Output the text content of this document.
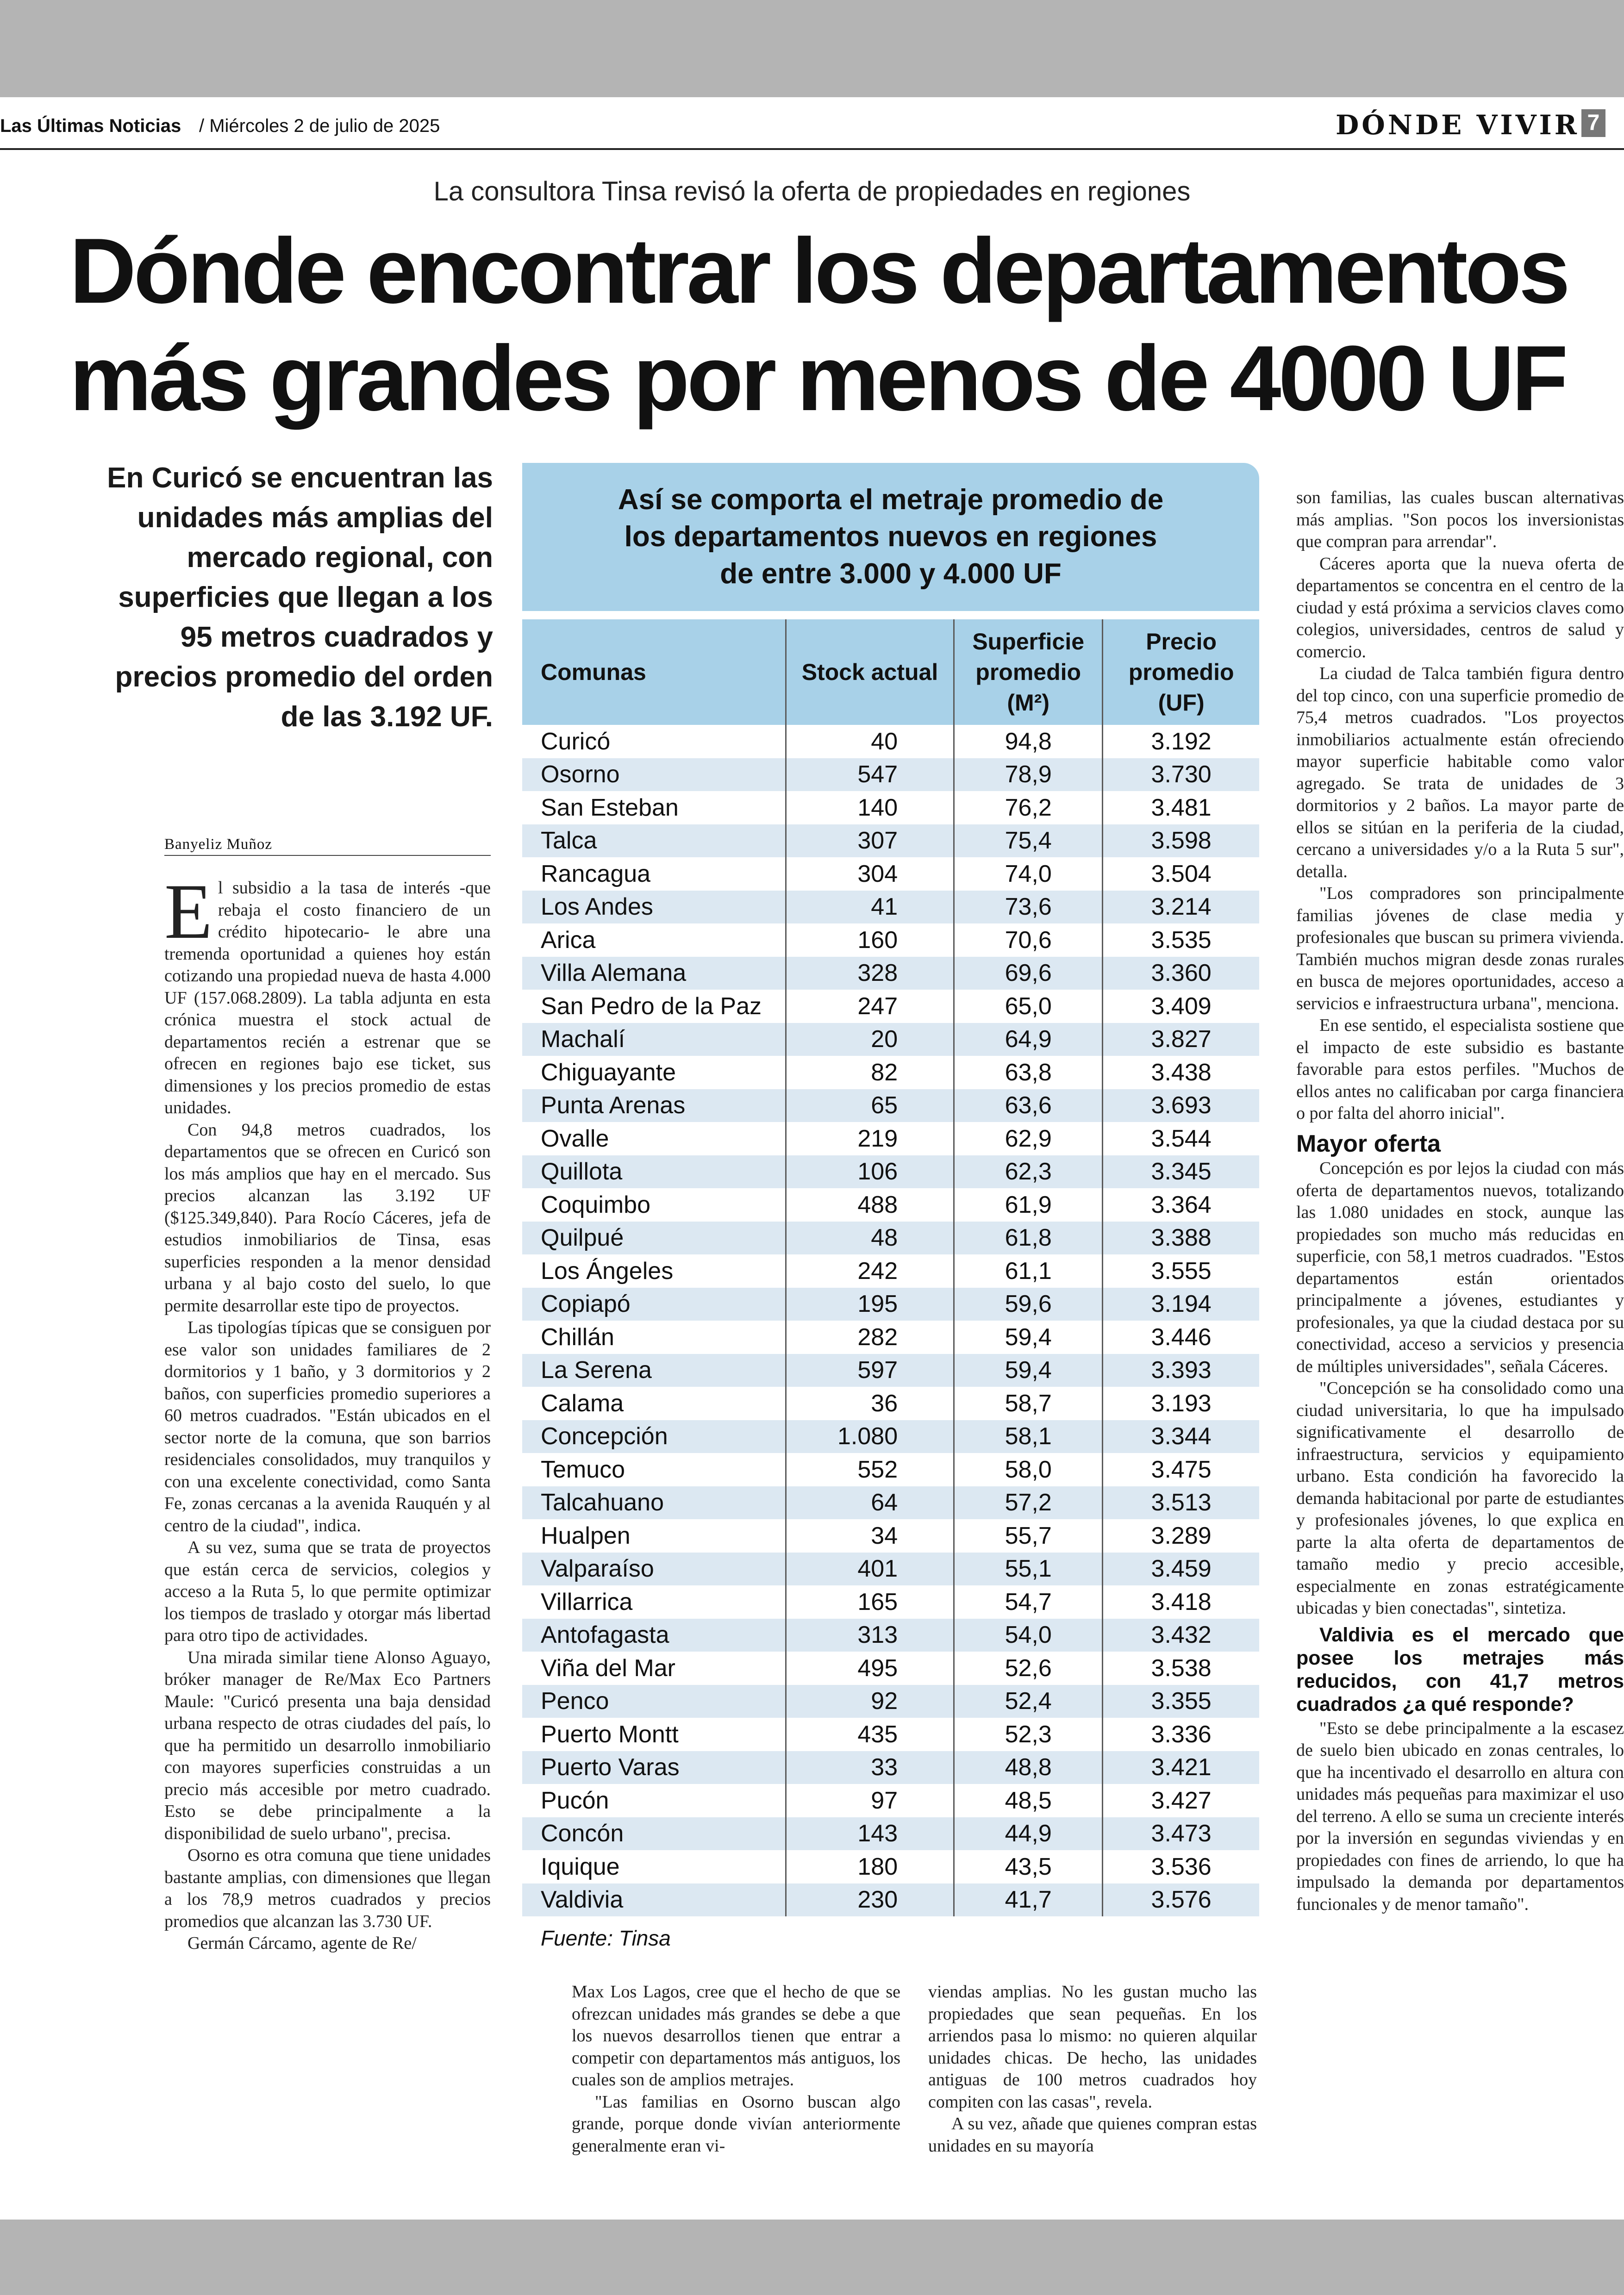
Las Últimas Noticias / Miércoles 2 de julio de 2025	DÓNDE VIVIR 7
La consultora Tinsa revisó la oferta de propiedades en regiones
Dónde encontrar los departamentos
más grandes por menos de 4000 UF
En Curicó se encuentran las unidades más amplias del mercado regional, con superficies que llegan a los 95 metros cuadrados y precios promedio del orden de las 3.192 UF.
Banyeliz Muñoz

El subsidio a la tasa de interés -que rebaja el costo financiero de un crédito hipotecario- le abre una tremenda oportunidad a quienes hoy están cotizando una propiedad nueva de hasta 4.000 UF (157.068.2809). La tabla adjunta en esta crónica muestra el stock actual de departamentos recién a estrenar que se ofrecen en regiones bajo ese ticket, sus dimensiones y los precios promedio de estas unidades.

Con 94,8 metros cuadrados, los departamentos que se ofrecen en Curicó son los más amplios que hay en el mercado. Sus precios alcanzan las 3.192 UF ($125.349,840). Para Rocío Cáceres, jefa de estudios inmobiliarios de Tinsa, esas superficies responden a la menor densidad urbana y al bajo costo del suelo, lo que permite desarrollar este tipo de proyectos.

Las tipologías típicas que se consiguen por ese valor son unidades familiares de 2 dormitorios y 1 baño, y 3 dormitorios y 2 baños, con superficies promedio superiores a 60 metros cuadrados. "Están ubicados en el sector norte de la comuna, que son barrios residenciales consolidados, muy tranquilos y con una excelente conectividad, como Santa Fe, zonas cercanas a la avenida Rauquén y al centro de la ciudad", indica.

A su vez, suma que se trata de proyectos que están cerca de servicios, colegios y acceso a la Ruta 5, lo que permite optimizar los tiempos de traslado y otorgar más libertad para otro tipo de actividades.

Una mirada similar tiene Alonso Aguayo, bróker manager de Re/Max Eco Partners Maule: "Curicó presenta una baja densidad urbana respecto de otras ciudades del país, lo que ha permitido un desarrollo inmobiliario con mayores superficies construidas a un precio más accesible por metro cuadrado. Esto se debe principalmente a la disponibilidad de suelo urbano", precisa.

Osorno es otra comuna que tiene unidades bastante amplias, con dimensiones que llegan a los 78,9 metros cuadrados y precios promedios que alcanzan las 3.730 UF.

Germán Cárcamo, agente de Re/

Así se comporta el metraje promedio de
los departamentos nuevos en regiones
de entre 3.000 y 4.000 UF
Comunas	Stock actual	Superficie promedio (M²)	Precio promedio (UF)
Curicó	40	94,8	3.192
Osorno	547	78,9	3.730
San Esteban	140	76,2	3.481
Talca	307	75,4	3.598
Rancagua	304	74,0	3.504
Los Andes	41	73,6	3.214
Arica	160	70,6	3.535
Villa Alemana	328	69,6	3.360
San Pedro de la Paz	247	65,0	3.409
Machalí	20	64,9	3.827
Chiguayante	82	63,8	3.438
Punta Arenas	65	63,6	3.693
Ovalle	219	62,9	3.544
Quillota	106	62,3	3.345
Coquimbo	488	61,9	3.364
Quilpué	48	61,8	3.388
Los Ángeles	242	61,1	3.555
Copiapó	195	59,6	3.194
Chillán	282	59,4	3.446
La Serena	597	59,4	3.393
Calama	36	58,7	3.193
Concepción	1.080	58,1	3.344
Temuco	552	58,0	3.475
Talcahuano	64	57,2	3.513
Hualpen	34	55,7	3.289
Valparaíso	401	55,1	3.459
Villarrica	165	54,7	3.418
Antofagasta	313	54,0	3.432
Viña del Mar	495	52,6	3.538
Penco	92	52,4	3.355
Puerto Montt	435	52,3	3.336
Puerto Varas	33	48,8	3.421
Pucón	97	48,5	3.427
Concón	143	44,9	3.473
Iquique	180	43,5	3.536
Valdivia	230	41,7	3.576
Fuente: Tinsa

Max Los Lagos, cree que el hecho de que se ofrezcan unidades más grandes se debe a que los nuevos desarrollos tienen que entrar a competir con departamentos más antiguos, los cuales son de amplios metrajes.

"Las familias en Osorno buscan algo grande, porque donde vivían anteriormente generalmente eran vi-

viendas amplias. No les gustan mucho las propiedades que sean pequeñas. En los arriendos pasa lo mismo: no quieren alquilar unidades chicas. De hecho, las unidades antiguas de 100 metros cuadrados hoy compiten con las casas", revela.

A su vez, añade que quienes compran estas unidades en su mayoría

son familias, las cuales buscan alternativas más amplias. "Son pocos los inversionistas que compran para arrendar".

Cáceres aporta que la nueva oferta de departamentos se concentra en el centro de la ciudad y está próxima a servicios claves como colegios, universidades, centros de salud y comercio.

La ciudad de Talca también figura dentro del top cinco, con una superficie promedio de 75,4 metros cuadrados. "Los proyectos inmobiliarios actualmente están ofreciendo mayor superficie habitable como valor agregado. Se trata de unidades de 3 dormitorios y 2 baños. La mayor parte de ellos se sitúan en la periferia de la ciudad, cercano a universidades y/o a la Ruta 5 sur", detalla.

"Los compradores son principalmente familias jóvenes de clase media y profesionales que buscan su primera vivienda. También muchos migran desde zonas rurales en busca de mejores oportunidades, acceso a servicios e infraestructura urbana", menciona.

En ese sentido, el especialista sostiene que el impacto de este subsidio es bastante favorable para estos perfiles. "Muchos de ellos antes no calificaban por carga financiera o por falta del ahorro inicial".

Mayor oferta

Concepción es por lejos la ciudad con más oferta de departamentos nuevos, totalizando las 1.080 unidades en stock, aunque las propiedades son mucho más reducidas en superficie, con 58,1 metros cuadrados. "Estos departamentos están orientados principalmente a jóvenes, estudiantes y profesionales, ya que la ciudad destaca por su conectividad, acceso a servicios y presencia de múltiples universidades", señala Cáceres.

"Concepción se ha consolidado como una ciudad universitaria, lo que ha impulsado significativamente el desarrollo de infraestructura, servicios y equipamiento urbano. Esta condición ha favorecido la demanda habitacional por parte de estudiantes y profesionales jóvenes, lo que explica en parte la alta oferta de departamentos de tamaño medio y precio accesible, especialmente en zonas estratégicamente ubicadas y bien conectadas", sintetiza.

Valdivia es el mercado que posee los metrajes más reducidos, con 41,7 metros cuadrados ¿a qué responde?

"Esto se debe principalmente a la escasez de suelo bien ubicado en zonas centrales, lo que ha incentivado el desarrollo en altura con unidades más pequeñas para maximizar el uso del terreno. A ello se suma un creciente interés por la inversión en segundas viviendas y en propiedades con fines de arriendo, lo que ha impulsado la demanda por departamentos funcionales y de menor tamaño".
